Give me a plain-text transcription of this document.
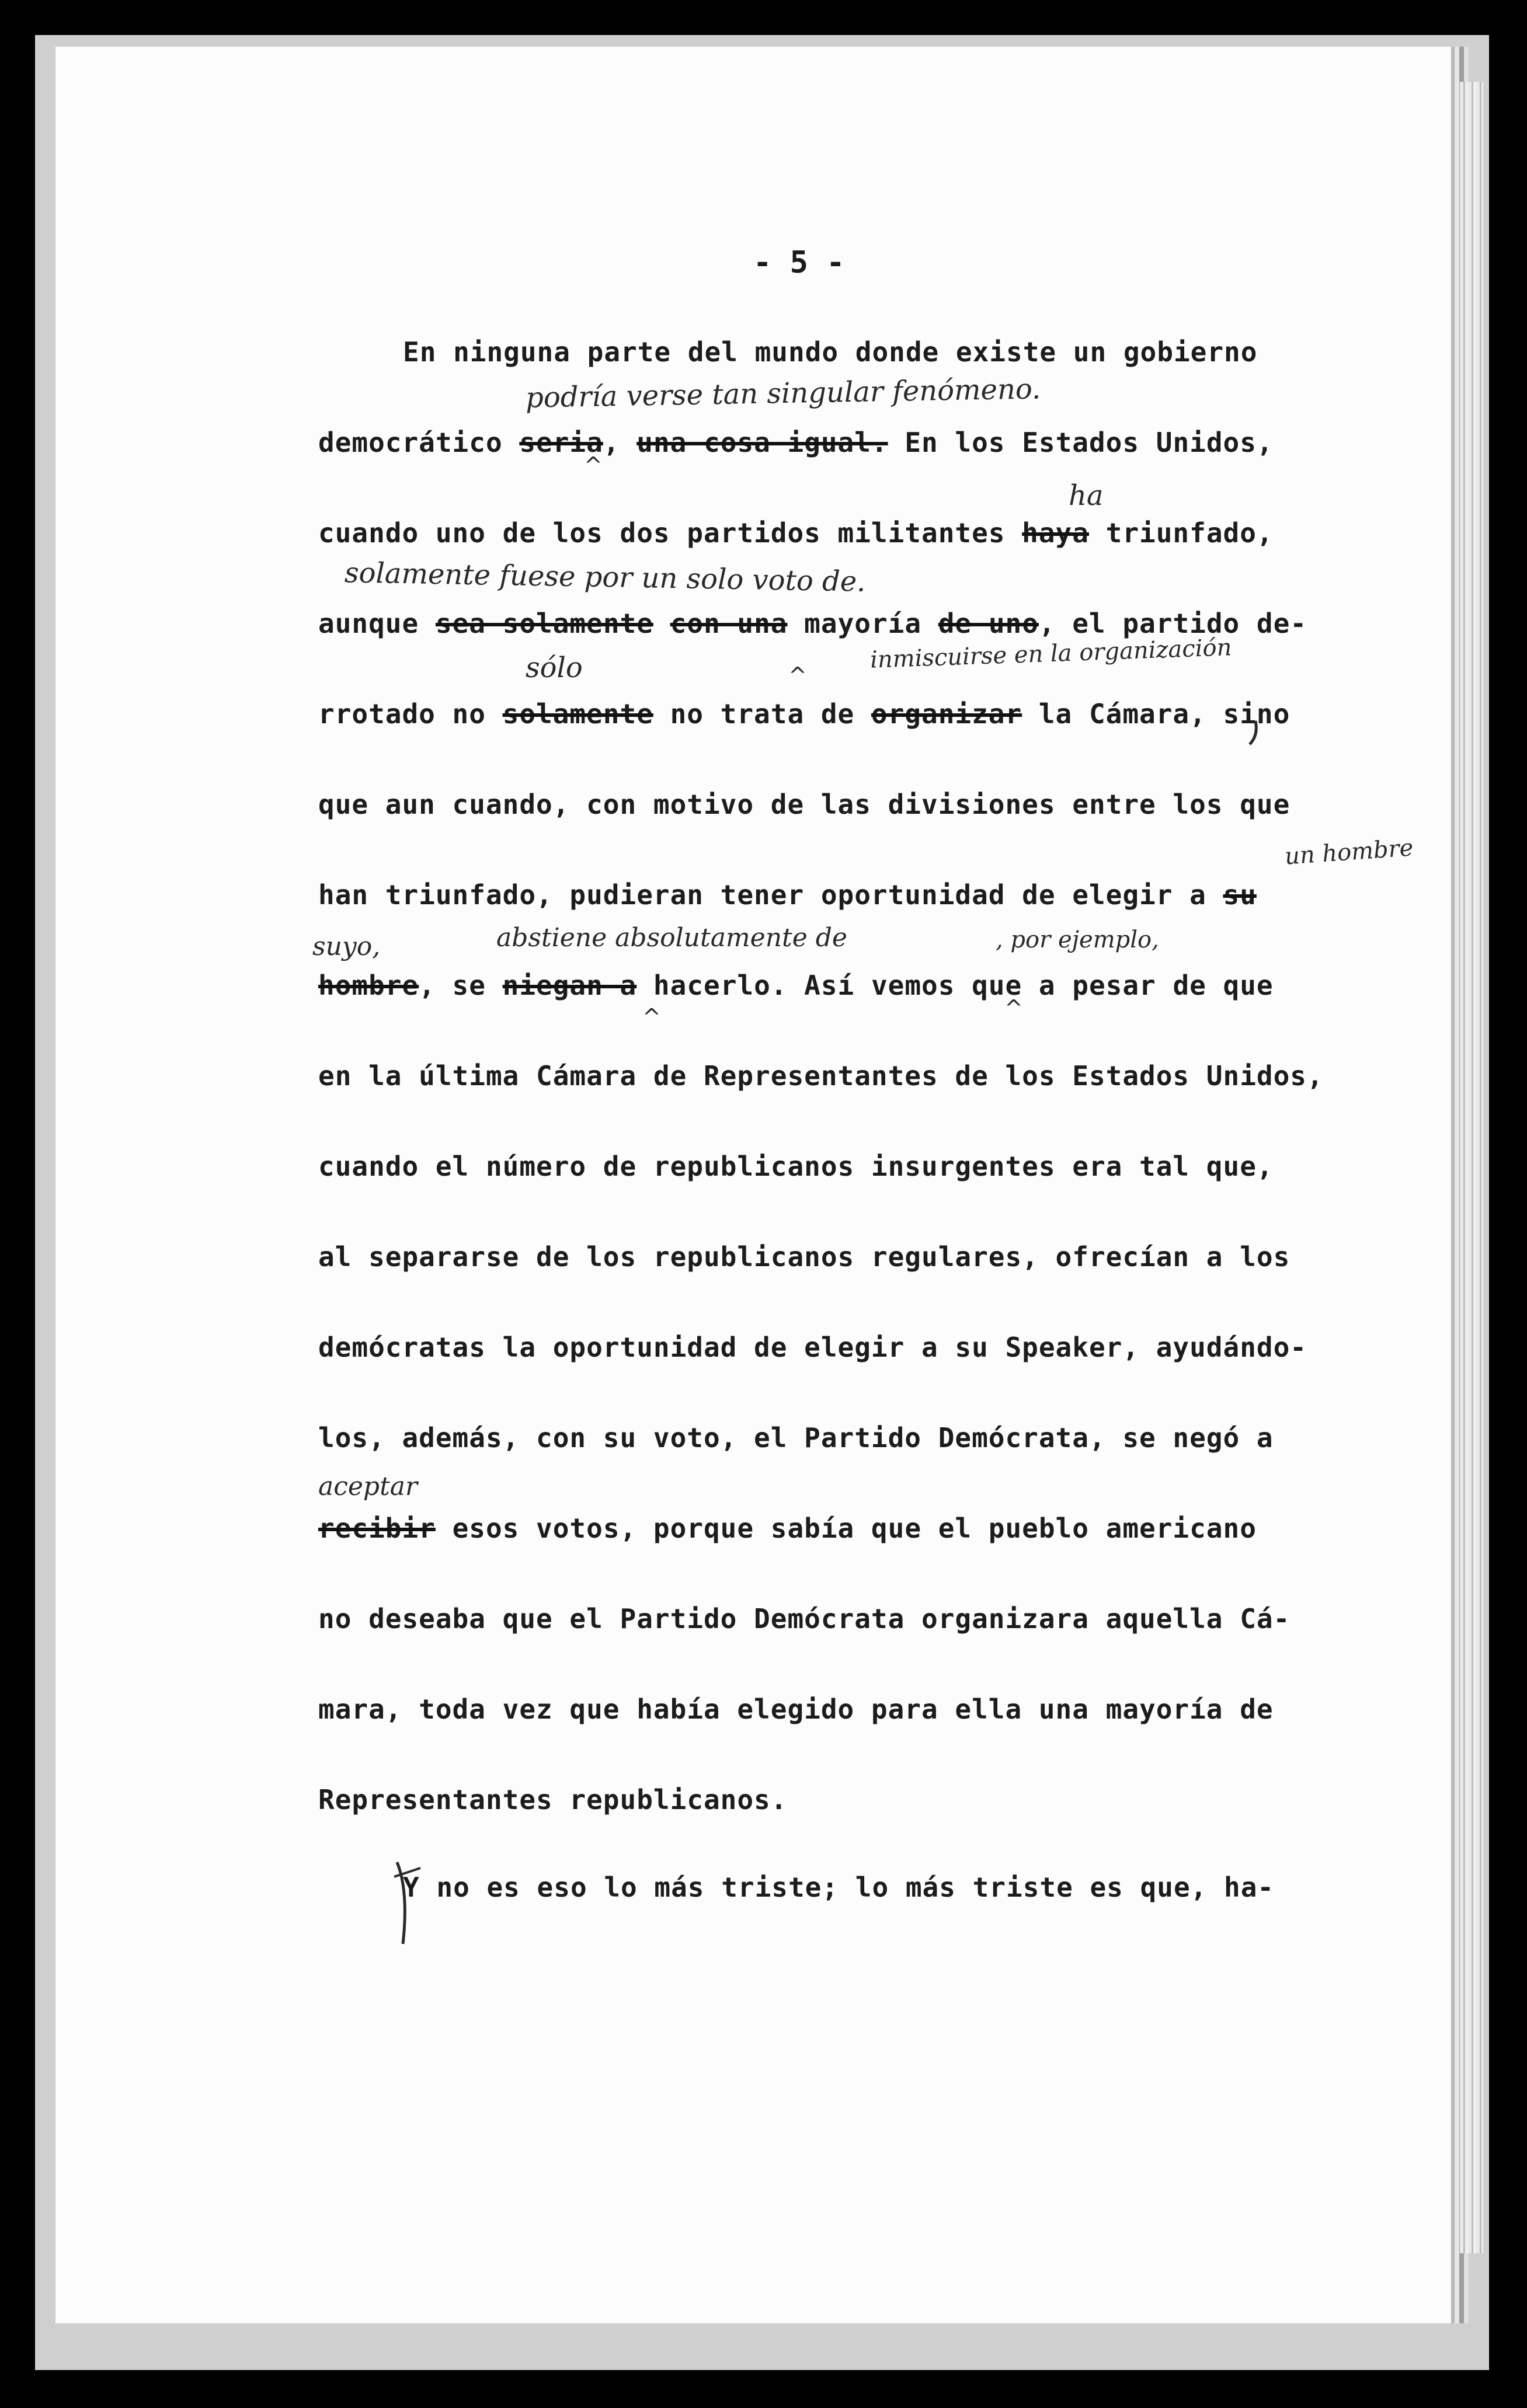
- 5 -
En ninguna parte del mundo donde existe un gobierno
podría verse tan singular fenómeno.
democrático seria, una cosa igual. En los Estados Unidos,
ha
cuando uno de los dos partidos militantes haya triunfado,
solamente fuese por un solo voto de.
aunque sea solamente con una mayoría de uno, el partido de-
sólo	inmiscuirse en la organización
rrotado no solamente no trata de organizar la Cámara, sino
que aun cuando, con motivo de las divisiones entre los que
un hombre
han triunfado, pudieran tener oportunidad de elegir a su
suyo,	abstiene absolutamente de	, por ejemplo,
hombre, se niegan a hacerlo. Así vemos que a pesar de que
en la última Cámara de Representantes de los Estados Unidos,
cuando el número de republicanos insurgentes era tal que,
al separarse de los republicanos regulares, ofrecían a los
demócratas la oportunidad de elegir a su Speaker, ayudándo-
los, además, con su voto, el Partido Demócrata, se negó a
aceptar
recibir esos votos, porque sabía que el pueblo americano
no deseaba que el Partido Demócrata organizara aquella Cá-
mara, toda vez que había elegido para ella una mayoría de
Representantes republicanos.
Y no es eso lo más triste; lo más triste es que, ha-
^
^
^	^
